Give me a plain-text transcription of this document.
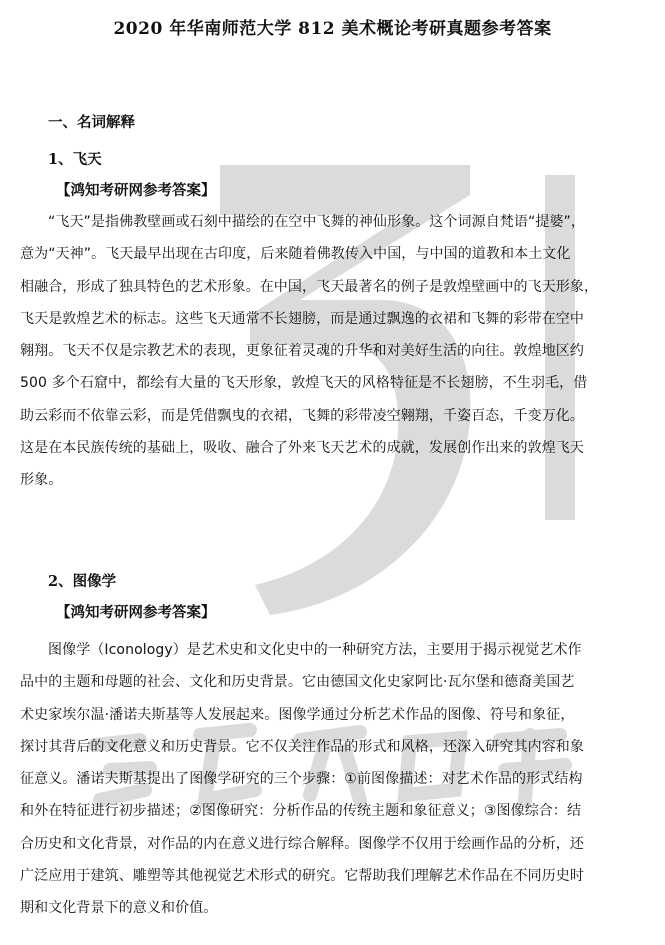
2020 年华南师范大学 812 美术概论考研真题参考答案
一、名词解释
1、飞天
【鸿知考研网参考答案】
“飞天”是指佛教壁画或石刻中描绘的在空中飞舞的神仙形象。这个词源自梵语“提婆”，
意为“天神”。飞天最早出现在古印度，后来随着佛教传入中国，与中国的道教和本土文化
相融合，形成了独具特色的艺术形象。在中国，飞天最著名的例子是敦煌壁画中的飞天形象，
飞天是敦煌艺术的标志。这些飞天通常不长翅膀，而是通过飘逸的衣裙和飞舞的彩带在空中
翱翔。飞天不仅是宗教艺术的表现，更象征着灵魂的升华和对美好生活的向往。敦煌地区约
500 多个石窟中，都绘有大量的飞天形象，敦煌飞天的风格特征是不长翅膀，不生羽毛，借
助云彩而不依靠云彩，而是凭借飘曳的衣裙，飞舞的彩带凌空翱翔，千姿百态，千变万化。
这是在本民族传统的基础上，吸收、融合了外来飞天艺术的成就，发展创作出来的敦煌飞天
形象。
2、图像学
【鸿知考研网参考答案】
图像学（Iconology）是艺术史和文化史中的一种研究方法，主要用于揭示视觉艺术作
品中的主题和母题的社会、文化和历史背景。它由德国文化史家阿比·瓦尔堡和德裔美国艺
术史家埃尔温·潘诺夫斯基等人发展起来。图像学通过分析艺术作品的图像、符号和象征，
探讨其背后的文化意义和历史背景。它不仅关注作品的形式和风格，还深入研究其内容和象
征意义。潘诺夫斯基提出了图像学研究的三个步骤：①前图像描述：对艺术作品的形式结构
和外在特征进行初步描述；②图像研究：分析作品的传统主题和象征意义；③图像综合：结
合历史和文化背景，对作品的内在意义进行综合解释。图像学不仅用于绘画作品的分析，还
广泛应用于建筑、雕塑等其他视觉艺术形式的研究。它帮助我们理解艺术作品在不同历史时
期和文化背景下的意义和价值。
